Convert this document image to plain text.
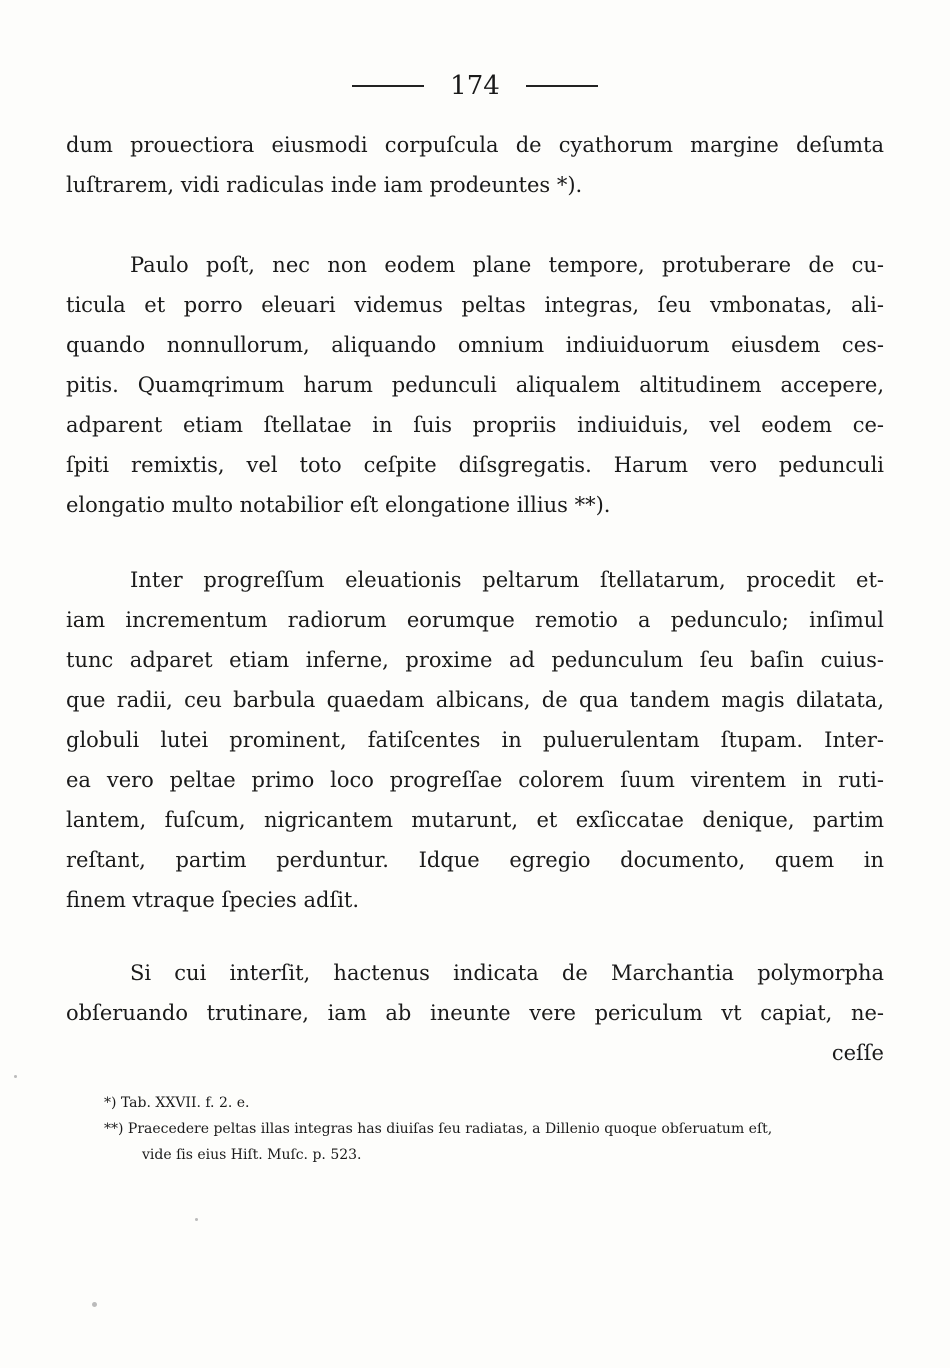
174
dum prouectiora eiusmodi corpuſcula de cyathorum margine deſumta
luſtrarem, vidi radiculas inde iam prodeuntes *).
Paulo poſt, nec non eodem plane tempore, protuberare de cu-
ticula et porro eleuari videmus peltas integras, ſeu vmbonatas, ali-
quando nonnullorum, aliquando omnium indiuiduorum eiusdem ces-
pitis. Quamqrimum harum pedunculi aliqualem altitudinem accepere,
adparent etiam ſtellatae in ſuis propriis indiuiduis, vel eodem ce-
ſpiti remixtis, vel toto ceſpite diſsgregatis. Harum vero pedunculi
elongatio multo notabilior eſt elongatione illius **).
Inter progreſſum eleuationis peltarum ſtellatarum, procedit et-
iam incrementum radiorum eorumque remotio a pedunculo; inſimul
tunc adparet etiam inferne, proxime ad pedunculum ſeu baſin cuius-
que radii, ceu barbula quaedam albicans, de qua tandem magis dilatata,
globuli lutei prominent, fatiſcentes in puluerulentam ſtupam. Inter-
ea vero peltae primo loco progreſſae colorem ſuum virentem in ruti-
lantem, fuſcum, nigricantem mutarunt, et exſiccatae denique, partim
reſtant, partim perduntur. Idque egregio documento, quem in
finem vtraque ſpecies adſit.
Si cui interſit, hactenus indicata de Marchantia polymorpha
obſeruando trutinare, iam ab ineunte vere periculum vt capiat, ne-
ceſſe
*) Tab. XXVII. f. 2. e.
**) Praecedere peltas illas integras has diuiſas ſeu radiatas, a Dillenio quoque obſeruatum eſt,
vide ſis eius Hiſt. Muſc. p. 523.
